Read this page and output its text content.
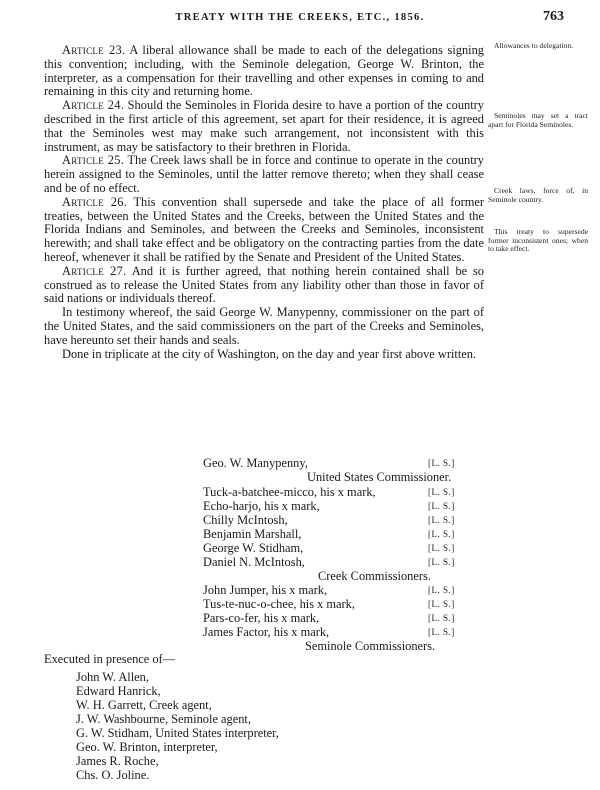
TREATY WITH THE CREEKS, ETC., 1856.	763

Article 23. A liberal allowance shall be made to each of the delegations signing this convention; including, with the Seminole delegation, George W. Brinton, the interpreter, as a compensation for their travelling and other expenses in coming to and remaining in this city and returning home.

Article 24. Should the Seminoles in Florida desire to have a portion of the country described in the first article of this agreement, set apart for their residence, it is agreed that the Seminoles west may make such arrangement, not inconsistent with this instrument, as may be satisfactory to their brethren in Florida.

Article 25. The Creek laws shall be in force and continue to operate in the country herein assigned to the Seminoles, until the latter remove thereto; when they shall cease and be of no effect.

Article 26. This convention shall supersede and take the place of all former treaties, between the United States and the Creeks, between the United States and the Florida Indians and Seminoles, and between the Creeks and Seminoles, inconsistent herewith; and shall take effect and be obligatory on the contracting parties from the date hereof, whenever it shall be ratified by the Senate and President of the United States.

Article 27. And it is further agreed, that nothing herein contained shall be so construed as to release the United States from any liability other than those in favor of said nations or individuals thereof.

In testimony whereof, the said George W. Manypenny, commissioner on the part of the United States, and the said commissioners on the part of the Creeks and Seminoles, have hereunto set their hands and seals.

Done in triplicate at the city of Washington, on the day and year first above written.

Allowances to delegation.
Seminoles may set a tract apart for Florida Seminoles.
Creek laws, force of, in Seminole country.
This treaty to supersede former inconsistent ones; when to take effect.
Geo. W. Manypenny,	[L. S.]
United States Commissioner.
Tuck-a-batchee-micco, his x mark,	[L. S.]
Echo-harjo, his x mark,	[L. S.]
Chilly McIntosh,	[L. S.]
Benjamin Marshall,	[L. S.]
George W. Stidham,	[L. S.]
Daniel N. McIntosh,	[L. S.]
Creek Commissioners.
John Jumper, his x mark,	[L. S.]
Tus-te-nuc-o-chee, his x mark,	[L. S.]
Pars-co-fer, his x mark,	[L. S.]
James Factor, his x mark,	[L. S.]
Seminole Commissioners.
Executed in presence of—
John W. Allen,
Edward Hanrick,
W. H. Garrett, Creek agent,
J. W. Washbourne, Seminole agent,
G. W. Stidham, United States interpreter,
Geo. W. Brinton, interpreter,
James R. Roche,
Chs. O. Joline.
